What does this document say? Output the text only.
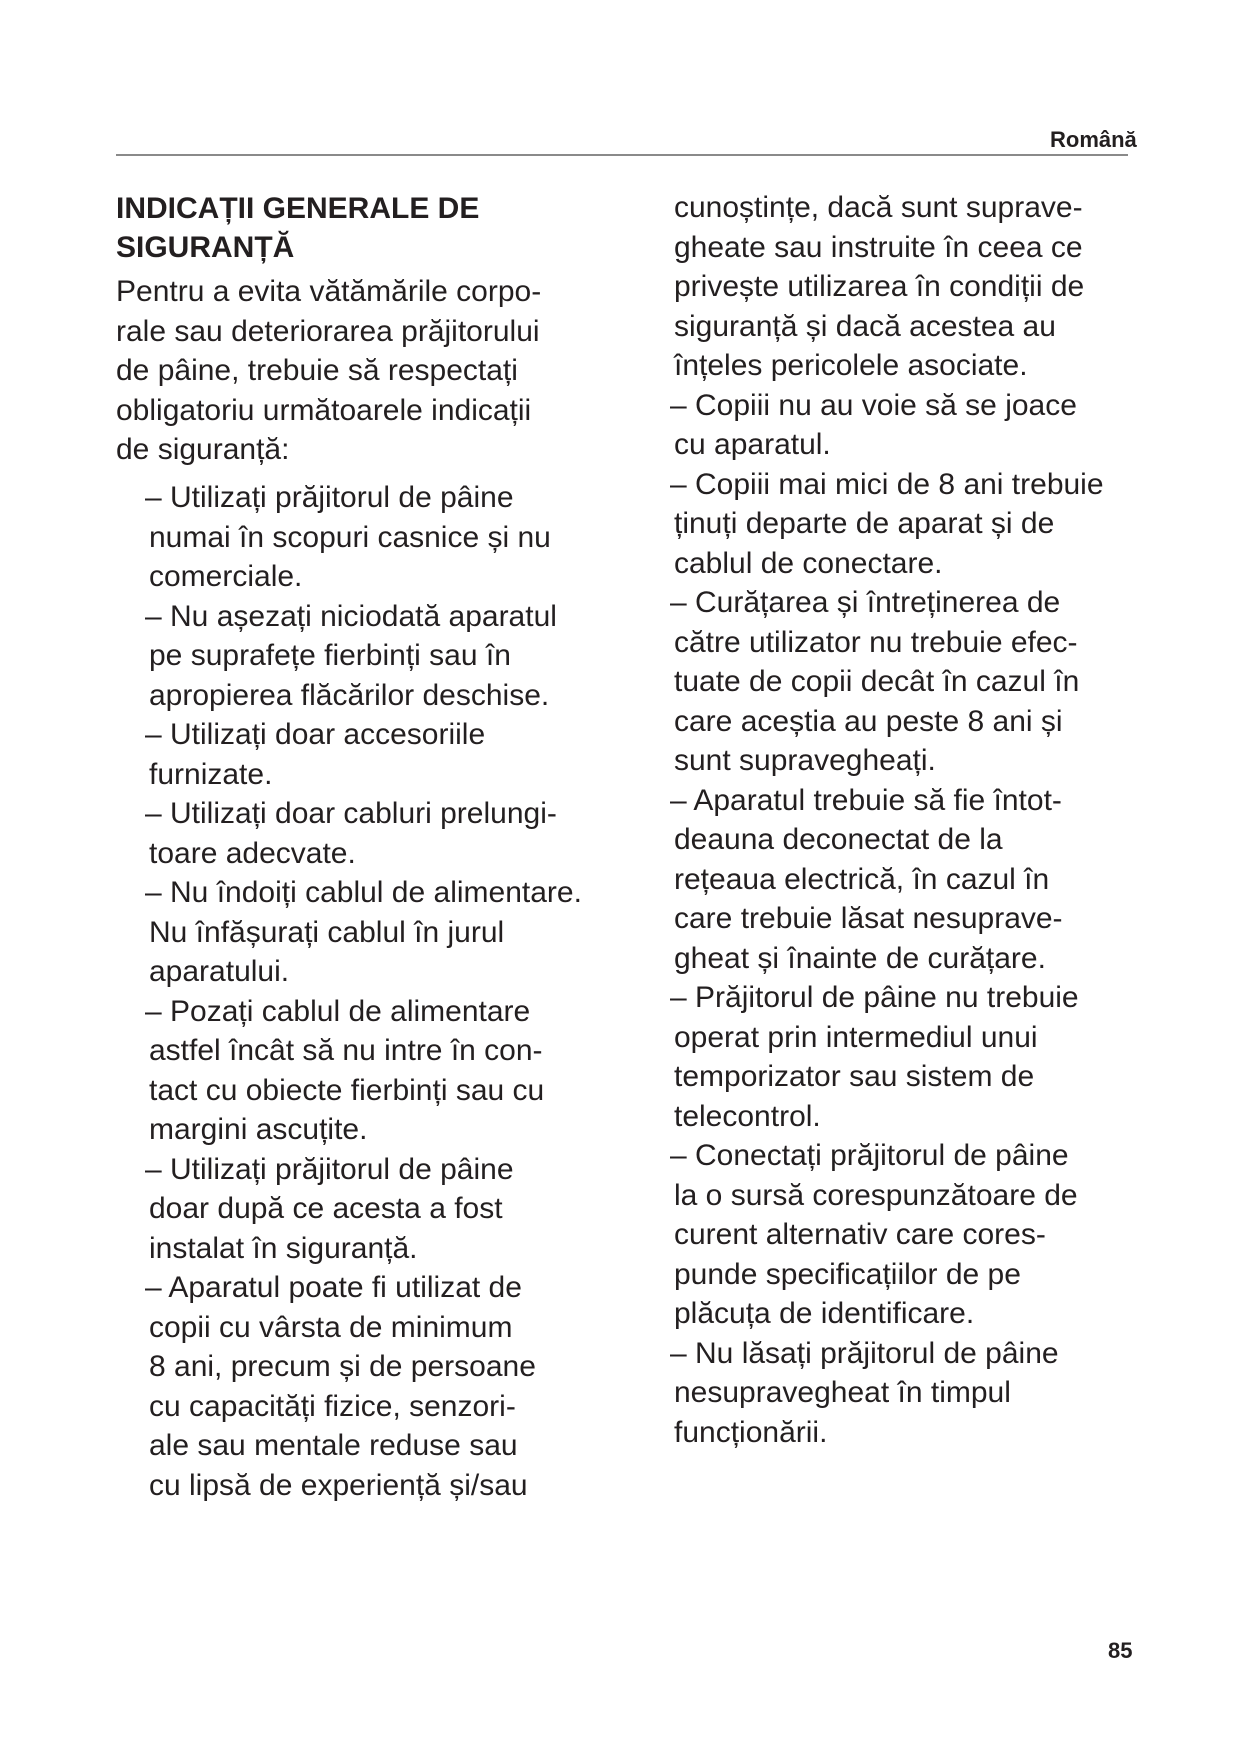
Română
INDICAȚII GENERALE DE
SIGURANȚĂ
Pentru a evita vătămările corpo-
rale sau deteriorarea prăjitorului
de pâine, trebuie să respectați
obligatoriu următoarele indicații
de siguranță:
– Utilizați prăjitorul de pâine
numai în scopuri casnice și nu
comerciale.
– Nu așezați niciodată aparatul
pe suprafețe fierbinți sau în
apropierea flăcărilor deschise.
– Utilizați doar accesoriile
furnizate.
– Utilizați doar cabluri prelungi-
toare adecvate.
– Nu îndoiți cablul de alimentare.
Nu înfășurați cablul în jurul
aparatului.
– Pozați cablul de alimentare
astfel încât să nu intre în con-
tact cu obiecte fierbinți sau cu
margini ascuțite.
– Utilizați prăjitorul de pâine
doar după ce acesta a fost
instalat în siguranță.
– Aparatul poate fi utilizat de
copii cu vârsta de minimum
8 ani, precum și de persoane
cu capacități fizice, senzori-
ale sau mentale reduse sau
cu lipsă de experiență și/sau
cunoștințe, dacă sunt suprave-
gheate sau instruite în ceea ce
privește utilizarea în condiții de
siguranță și dacă acestea au
înțeles pericolele asociate.
– Copiii nu au voie să se joace
cu aparatul.
– Copiii mai mici de 8 ani trebuie
ținuți departe de aparat și de
cablul de conectare.
– Curățarea și întreținerea de
către utilizator nu trebuie efec-
tuate de copii decât în cazul în
care aceștia au peste 8 ani și
sunt supravegheați.
– Aparatul trebuie să fie întot-
deauna deconectat de la
rețeaua electrică, în cazul în
care trebuie lăsat nesuprave-
gheat și înainte de curățare.
– Prăjitorul de pâine nu trebuie
operat prin intermediul unui
temporizator sau sistem de
telecontrol.
– Conectați prăjitorul de pâine
la o sursă corespunzătoare de
curent alternativ care cores-
punde specificațiilor de pe
plăcuța de identificare.
– Nu lăsați prăjitorul de pâine
nesupravegheat în timpul
funcționării.
85
